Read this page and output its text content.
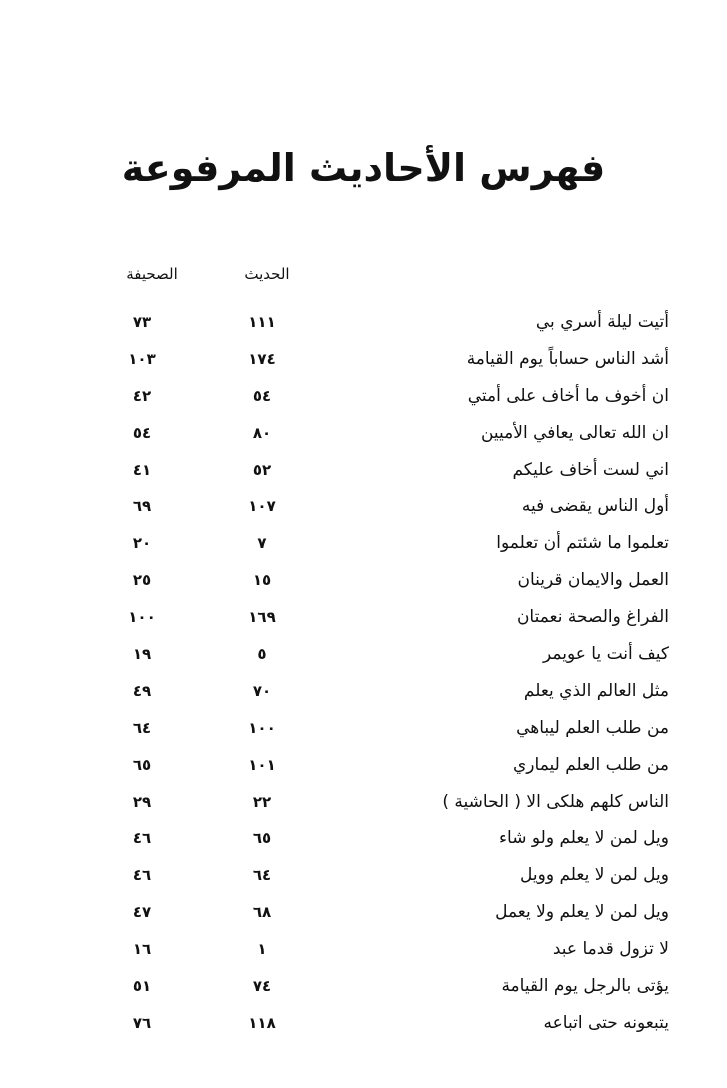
فهرس الأحاديث المرفوعة
الحديث
الصحيفة
أتيت ليلة أسري بي
١١١
٧٣
أشد الناس حساباً يوم القيامة
١٧٤
١٠٣
ان أخوف ما أخاف على أمتي
٥٤
٤٢
ان الله تعالى يعافي الأميين
٨٠
٥٤
اني لست أخاف عليكم
٥٢
٤١
أول الناس يقضى فيه
١٠٧
٦٩
تعلموا ما شئتم أن تعلموا
٧
٢٠
العمل والايمان قرينان
١٥
٢٥
الفراغ والصحة نعمتان
١٦٩
١٠٠
كيف أنت يا عويمر
٥
١٩
مثل العالم الذي يعلم
٧٠
٤٩
من طلب العلم ليباهي
١٠٠
٦٤
من طلب العلم ليماري
١٠١
٦٥
الناس كلهم هلكى الا ( الحاشية )
٢٢
٢٩
ويل لمن لا يعلم ولو شاء
٦٥
٤٦
ويل لمن لا يعلم وويل
٦٤
٤٦
ويل لمن لا يعلم ولا يعمل
٦٨
٤٧
لا تزول قدما عبد
١
١٦
يؤتى بالرجل يوم القيامة
٧٤
٥١
يتبعونه حتى اتباعه
١١٨
٧٦
